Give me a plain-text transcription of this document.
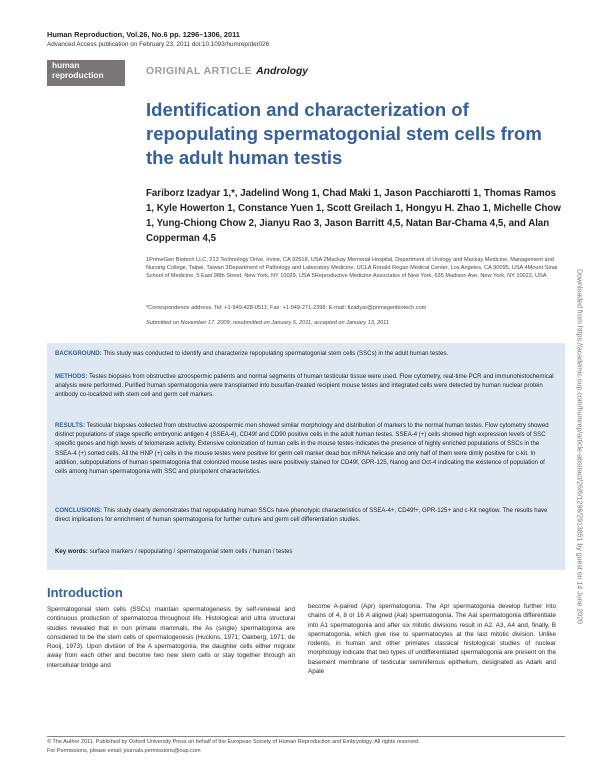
Human Reproduction, Vol.26, No.6 pp. 1296–1306, 2011
Advanced Access publication on February 23, 2011 doi:10.1093/humrep/der026
human
reproduction	ORIGINAL ARTICLE Andrology
Identification and characterization of repopulating spermatogonial stem cells from the adult human testis
Fariborz Izadyar 1,*, Jadelind Wong 1, Chad Maki 1, Jason Pacchiarotti 1, Thomas Ramos 1, Kyle Howerton 1, Constance Yuen 1, Scott Greilach 1, Hongyu H. Zhao 1, Michelle Chow 1, Yung-Chiong Chow 2, Jianyu Rao 3, Jason Barritt 4,5, Natan Bar-Chama 4,5, and Alan Copperman 4,5
1PrimeGen Biotech LLC, 213 Technology Drive, Irvine, CA 92618, USA 2Mackay Memorial Hospital, Department of Urology and Mackay Medicine, Management and Nursing College, Taipei, Taiwan 3Department of Pathology and Laboratory Medicine, UCLA Ronald Regan Medical Center, Los Angeles, CA 90095, USA 4Mount Sinai School of Medicine, 5 East 98th Street, New York, NY 10029, USA 5Reproductive Medicine Associates of New York, 635 Madison Ave, New York, NY 10022, USA
*Correspondence address. Tel: +1-949-428-0511; Fax: +1-949-271-2398; E-mail: fizadyar@primegenbiotech.com
Submitted on November 17, 2009; resubmitted on January 5, 2011; accepted on January 13, 2011
BACKGROUND: This study was conducted to identify and characterize repopulating spermatogonial stem cells (SSCs) in the adult human testes.
METHODS: Testes biopsies from obstructive azoospermic patients and normal segments of human testicular tissue were used. Flow cytometry, real-time PCR and immunohistochemical analysis were performed. Purified human spermatogonia were transplanted into busulfan-treated recipient mouse testes and integrated cells were detected by human nuclear protein antibody co-localized with stem cell and germ cell markers.
RESULTS: Testicular biopsies collected from obstructive azoospermic men showed similar morphology and distribution of markers to the normal human testes. Flow cytometry showed distinct populations of stage specific embryonic antigen 4 (SSEA-4), CD49f and CD90 positive cells in the adult human testes. SSEA-4 (+) cells showed high expression levels of SSC specific genes and high levels of telomerase activity. Extensive colonization of human cells in the mouse testes indicates the presence of highly enriched populations of SSCs in the SSEA-4 (+) sorted cells. All the HNP (+) cells in the mouse testes were positive for germ cell marker dead box mRNA helicase and only half of them were dimly positive for c-kit. In addition, subpopulations of human spermatogonia that colonized mouse testes were positively stained for CD49f, GPR-125, Nanog and Oct-4 indicating the existence of population of cells among human spermatogonia with SSC and pluripotent characteristics.
CONCLUSIONS: This study clearly demonstrates that repopulating human SSCs have phenotypic characteristics of SSEA-4+, CD49f+, GPR-125+ and c-Kit neg/low. The results have direct implications for enrichment of human spermatogonia for further culture and germ cell differentiation studies.
Key words: surface markers / repopulating / spermatogonial stem cells / human / testes	Downloaded from https://academic.oup.com/humrep/article-abstract/26/6/1296/2913851 by guest on 14 June 2020
Introduction
Spermatogonial stem cells (SSCs) maintain spermatogenesis by self-renewal and continuous production of spermatozoa throughout life. Histological and ultra structural studies revealed that in non primate mammals, the As (single) spermatogonia are considered to be the stem cells of spermatogenesis (Huckins, 1971; Oakberg, 1971; de Rooij, 1973). Upon division of the A spermatogonia, the daughter cells either migrate away from each other and become two new stem cells or stay together through an intercellular bridge and
become A-paired (Apr) spermatogonia. The Apr spermatogonia develop further into chains of 4, 8 or 16 A aligned (Aal) spermatogonia. The Aal spermatogonia differentiate into A1 spermatogonia and after six mitotic divisions result in A2, A3, A4 and, finally, B spermatogonia, which give rise to spermatocytes at the last mitotic division. Unlike rodents, in human and other primates classical histological studies of nuclear morphology indicate that two types of undifferentiated spermatogonia are present on the basement membrane of testicular seminiferous epithelium, designated as Adark and Apale
© The Author 2011. Published by Oxford University Press on behalf of the European Society of Human Reproduction and Embryology. All rights reserved.
For Permissions, please email: journals.permissions@oup.com
